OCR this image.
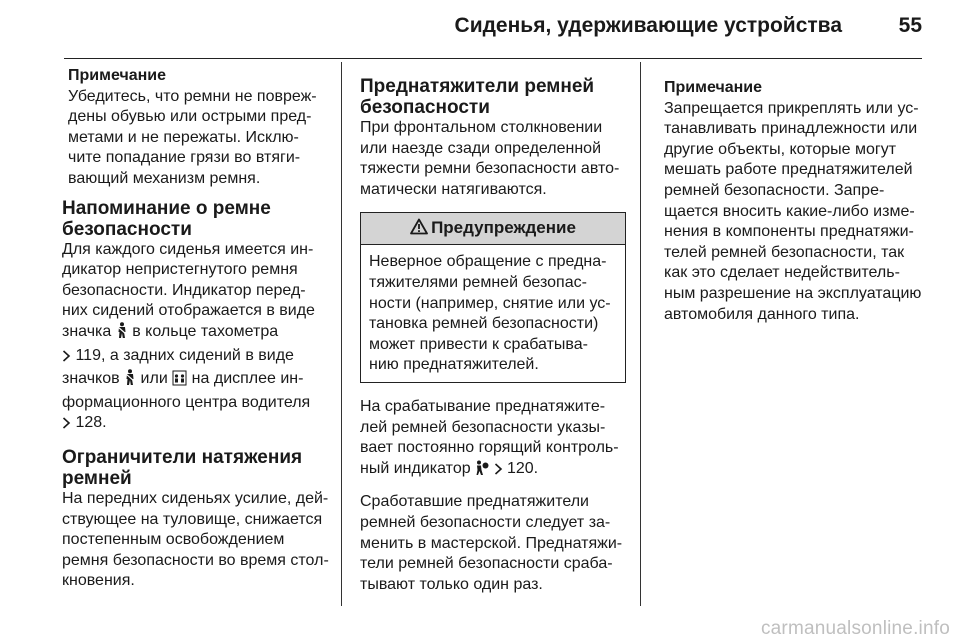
Сиденья, удерживающие устройства	55
Примечание
Убедитесь, что ремни не повреж-
дены обувью или острыми пред-
метами и не пережаты. Исклю-
чите попадание грязи во втяги-
вающий механизм ремня.
Напоминание о ремне
безопасности
Для каждого сиденья имеется ин-
дикатор непристегнутого ремня
безопасности. Индикатор перед-
них сидений отображается в виде
значка в кольце тахометра
119, а задних сидений в виде
значков или на дисплее ин-
формационного центра водителя
128.
Ограничители натяжения
ремней
На передних сиденьях усилие, дей-
ствующее на туловище, снижается
постепенным освобождением
ремня безопасности во время стол-
кновения.
Преднатяжители ремней
безопасности
При фронтальном столкновении
или наезде сзади определенной
тяжести ремни безопасности авто-
матически натягиваются.
Предупреждение
Неверное обращение с предна-
тяжителями ремней безопас-
ности (например, снятие или ус-
тановка ремней безопасности)
может привести к срабатыва-
нию преднатяжителей.
На срабатывание преднатяжите-
лей ремней безопасности указы-
вает постоянно горящий контроль-
ный индикатор 120.
Сработавшие преднатяжители
ремней безопасности следует за-
менить в мастерской. Преднатяжи-
тели ремней безопасности сраба-
тывают только один раз.
Примечание
Запрещается прикреплять или ус-
танавливать принадлежности или
другие объекты, которые могут
мешать работе преднатяжителей
ремней безопасности. Запре-
щается вносить какие-либо изме-
нения в компоненты преднатяжи-
телей ремней безопасности, так
как это сделает недействитель-
ным разрешение на эксплуатацию
автомобиля данного типа.
carmanualsonline.info
